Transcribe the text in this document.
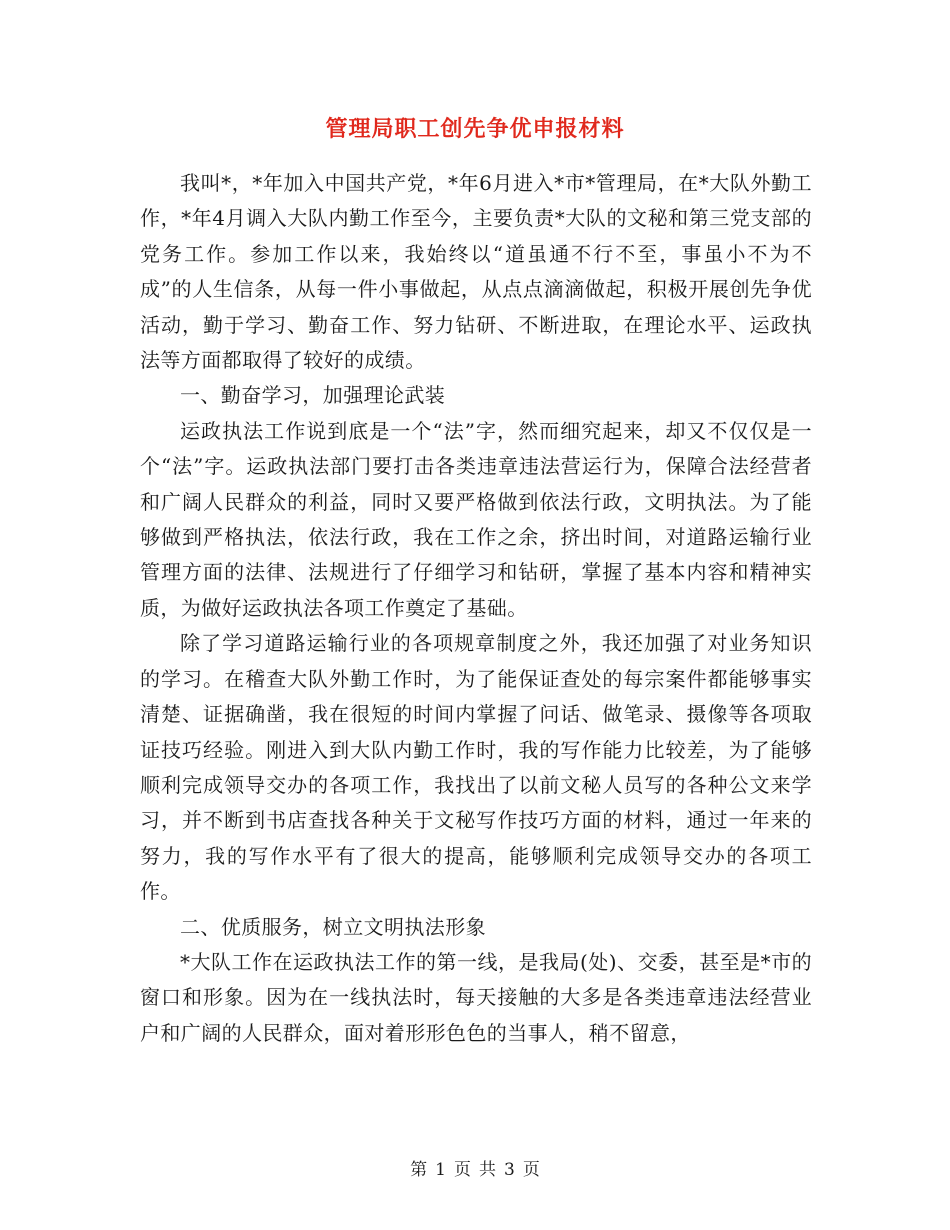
管理局职工创先争优申报材料

我叫*，*年加入中国共产党，*年6月进入*市*管理局，在*大队外勤工作，*年4月调入大队内勤工作至今，主要负责*大队的文秘和第三党支部的党务工作。参加工作以来，我始终以“道虽通不行不至，事虽小不为不成”的人生信条，从每一件小事做起，从点点滴滴做起，积极开展创先争优活动，勤于学习、勤奋工作、努力钻研、不断进取，在理论水平、运政执法等方面都取得了较好的成绩。

一、勤奋学习，加强理论武装

运政执法工作说到底是一个“法”字，然而细究起来，却又不仅仅是一个“法”字。运政执法部门要打击各类违章违法营运行为，保障合法经营者和广阔人民群众的利益，同时又要严格做到依法行政，文明执法。为了能够做到严格执法，依法行政，我在工作之余，挤出时间，对道路运输行业管理方面的法律、法规进行了仔细学习和钻研，掌握了基本内容和精神实质，为做好运政执法各项工作奠定了基础。

除了学习道路运输行业的各项规章制度之外，我还加强了对业务知识的学习。在稽查大队外勤工作时，为了能保证查处的每宗案件都能够事实清楚、证据确凿，我在很短的时间内掌握了问话、做笔录、摄像等各项取证技巧经验。刚进入到大队内勤工作时，我的写作能力比较差，为了能够顺利完成领导交办的各项工作，我找出了以前文秘人员写的各种公文来学习，并不断到书店查找各种关于文秘写作技巧方面的材料，通过一年来的努力，我的写作水平有了很大的提高，能够顺利完成领导交办的各项工作。

二、优质服务，树立文明执法形象

*大队工作在运政执法工作的第一线，是我局(处)、交委，甚至是*市的窗口和形象。因为在一线执法时，每天接触的大多是各类违章违法经营业户和广阔的人民群众，面对着形形色色的当事人，稍不留意，

第 1 页 共 3 页
